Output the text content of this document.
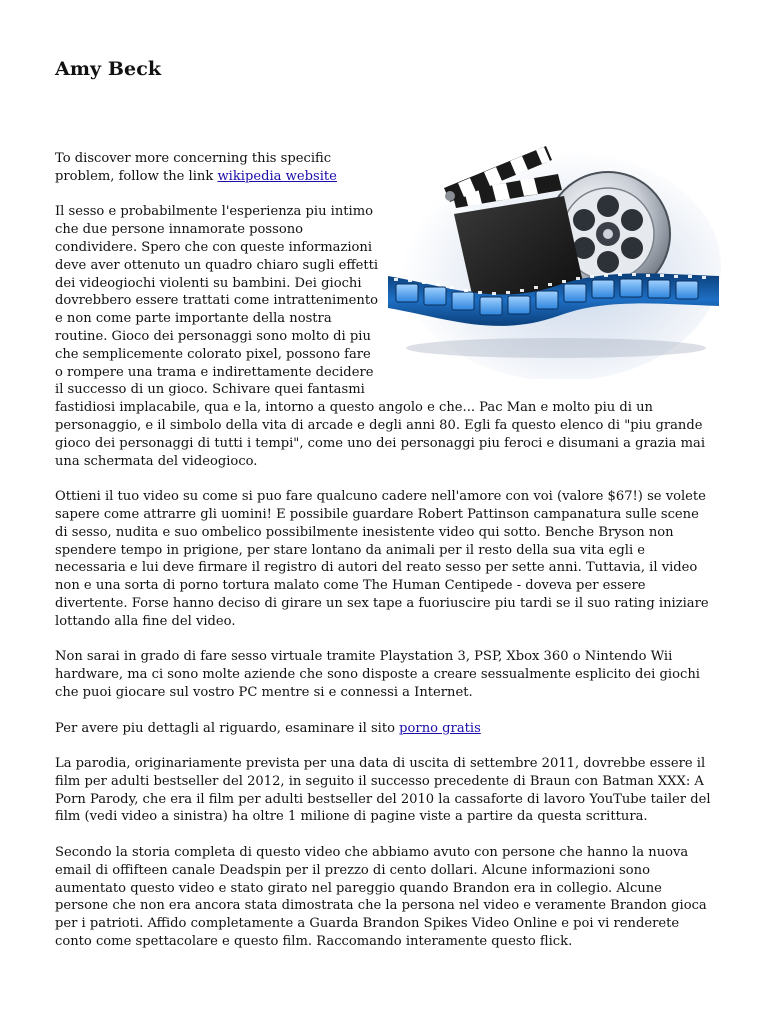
Amy Beck

To discover more concerning this specific problem, follow the link wikipedia website

Il sesso e probabilmente l'esperienza piu intimo che due persone innamorate possono condividere. Spero che con queste informazioni deve aver ottenuto un quadro chiaro sugli effetti dei videogiochi violenti su bambini. Dei giochi dovrebbero essere trattati come intrattenimento e non come parte importante della nostra routine. Gioco dei personaggi sono molto di piu che semplicemente colorato pixel, possono fare o rompere una trama e indirettamente decidere il successo di un gioco. Schivare quei fantasmi fastidiosi implacabile, qua e la, intorno a questo angolo e che... Pac Man e molto piu di un personaggio, e il simbolo della vita di arcade e degli anni 80. Egli fa questo elenco di "piu grande gioco dei personaggi di tutti i tempi", come uno dei personaggi piu feroci e disumani a grazia mai una schermata del videogioco.

Ottieni il tuo video su come si puo fare qualcuno cadere nell'amore con voi (valore $67!) se volete sapere come attrarre gli uomini! E possibile guardare Robert Pattinson campanatura sulle scene di sesso, nudita e suo ombelico possibilmente inesistente video qui sotto. Benche Bryson non spendere tempo in prigione, per stare lontano da animali per il resto della sua vita egli e necessaria e lui deve firmare il registro di autori del reato sesso per sette anni. Tuttavia, il video non e una sorta di porno tortura malato come The Human Centipede - doveva per essere divertente. Forse hanno deciso di girare un sex tape a fuoriuscire piu tardi se il suo rating iniziare lottando alla fine del video.

Non sarai in grado di fare sesso virtuale tramite Playstation 3, PSP, Xbox 360 o Nintendo Wii hardware, ma ci sono molte aziende che sono disposte a creare sessualmente esplicito dei giochi che puoi giocare sul vostro PC mentre si e connessi a Internet.

Per avere piu dettagli al riguardo, esaminare il sito porno gratis

La parodia, originariamente prevista per una data di uscita di settembre 2011, dovrebbe essere il film per adulti bestseller del 2012, in seguito il successo precedente di Braun con Batman XXX: A Porn Parody, che era il film per adulti bestseller del 2010 la cassaforte di lavoro YouTube tailer del film (vedi video a sinistra) ha oltre 1 milione di pagine viste a partire da questa scrittura.

Secondo la storia completa di questo video che abbiamo avuto con persone che hanno la nuova email di offifteen canale Deadspin per il prezzo di cento dollari. Alcune informazioni sono aumentato questo video e stato girato nel pareggio quando Brandon era in collegio. Alcune persone che non era ancora stata dimostrata che la persona nel video e veramente Brandon gioca per i patrioti. Affido completamente a Guarda Brandon Spikes Video Online e poi vi renderete conto come spettacolare e questo film. Raccomando interamente questo flick.
